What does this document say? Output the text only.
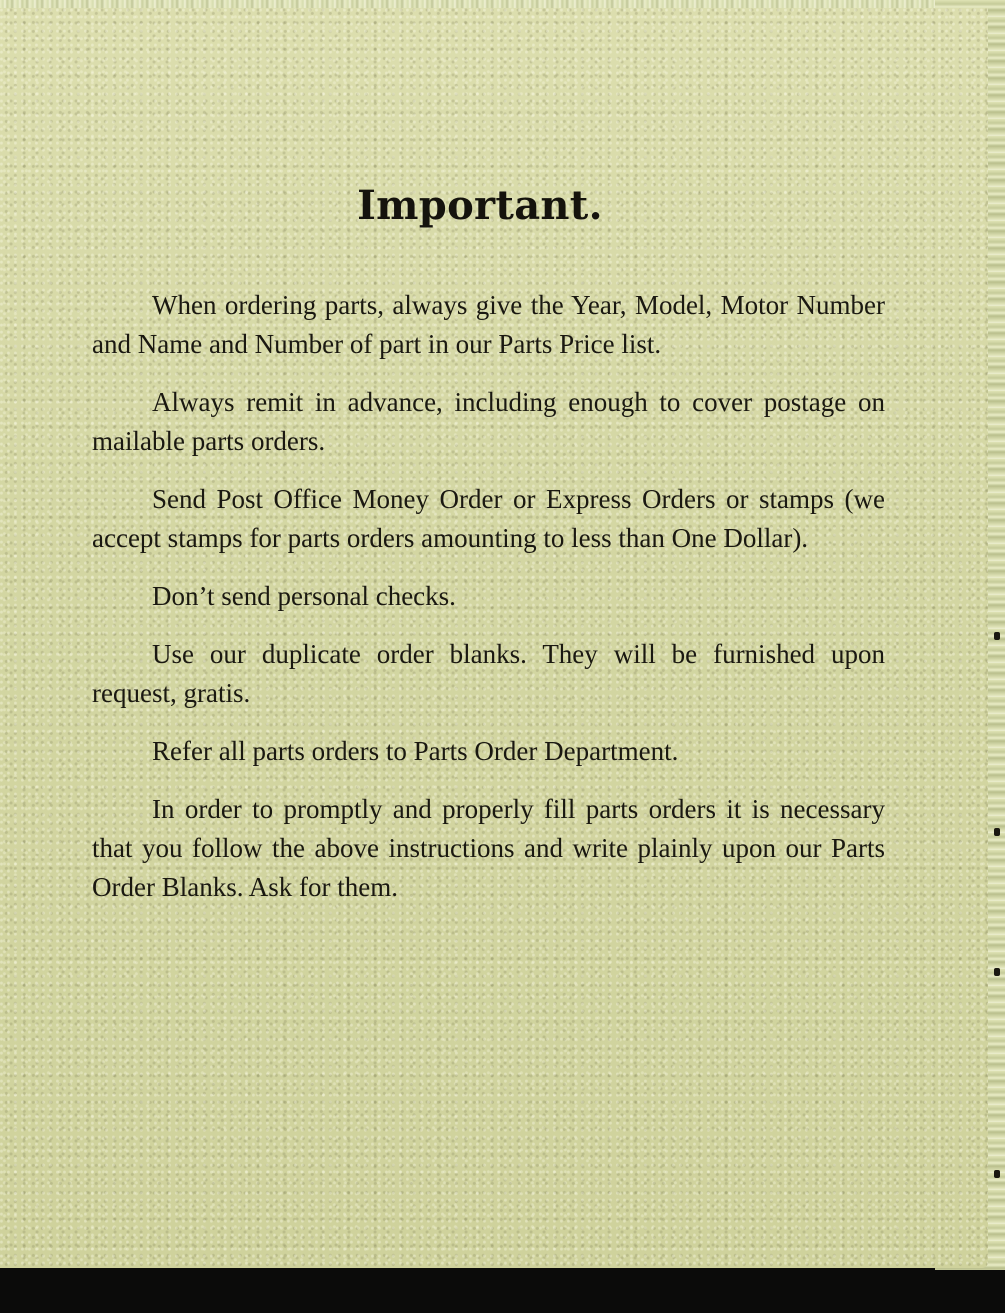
Important.

When ordering parts, always give the Year, Model, Motor Number and Name and Number of part in our Parts Price list.

Always remit in advance, including enough to cover postage on mailable parts orders.

Send Post Office Money Order or Express Orders or stamps (we accept stamps for parts orders amounting to less than One Dollar).

Don’t send personal checks.

Use our duplicate order blanks. They will be furnished upon request, gratis.

Refer all parts orders to Parts Order Department.

In order to promptly and properly fill parts orders it is necessary that you follow the above instructions and write plainly upon our Parts Order Blanks. Ask for them.
